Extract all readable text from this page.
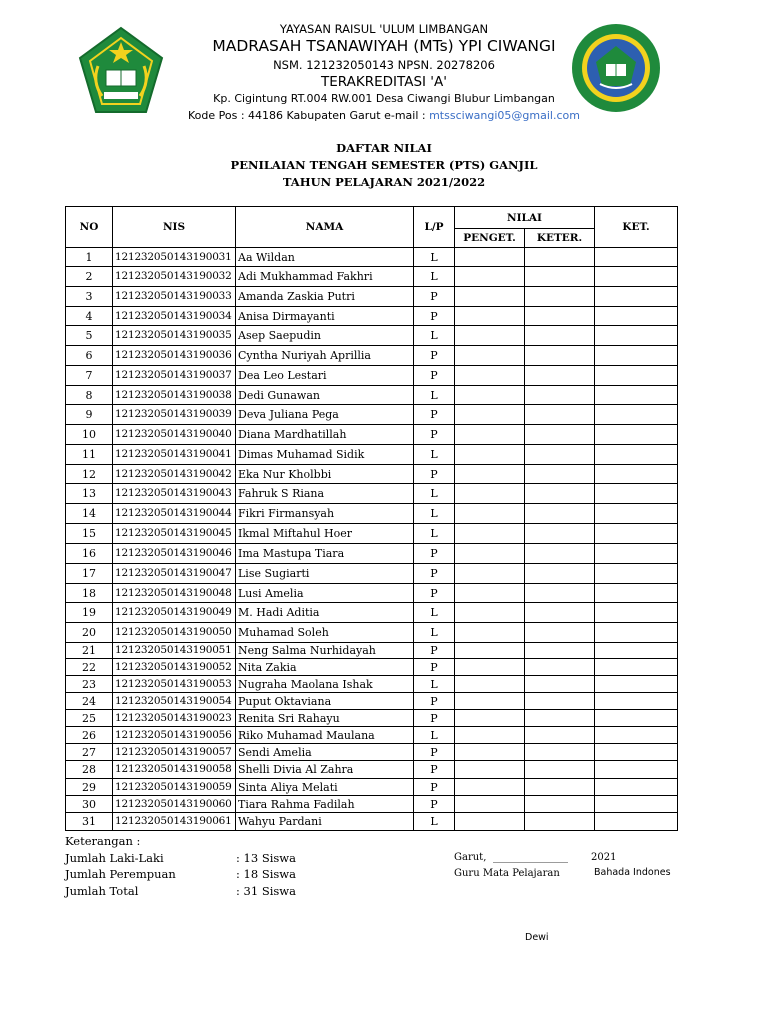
YAYASAN RAISUL 'ULUM LIMBANGAN
MADRASAH TSANAWIYAH (MTs) YPI CIWANGI
NSM. 121232050143 NPSN. 20278206
TERAKREDITASI 'A'
Kp. Cigintung RT.004 RW.001 Desa Ciwangi Blubur Limbangan
Kode Pos : 44186 Kabupaten Garut e-mail : mtssciwangi05@gmail.com
DAFTAR NILAI
PENILAIAN TENGAH SEMESTER (PTS) GANJIL
TAHUN PELAJARAN 2021/2022
NO	NIS	NAMA	L/P	NILAI		KET.
				PENGET.	KETER.	
1	121232050143190031	Aa Wildan	L			
2	121232050143190032	Adi Mukhammad Fakhri	L			
3	121232050143190033	Amanda Zaskia Putri	P			
4	121232050143190034	Anisa Dirmayanti	P			
5	121232050143190035	Asep Saepudin	L			
6	121232050143190036	Cyntha Nuriyah Aprillia	P			
7	121232050143190037	Dea Leo Lestari	P			
8	121232050143190038	Dedi Gunawan	L			
9	121232050143190039	Deva Juliana Pega	P			
10	121232050143190040	Diana Mardhatillah	P			
11	121232050143190041	Dimas Muhamad Sidik	L			
12	121232050143190042	Eka Nur Kholbbi	P			
13	121232050143190043	Fahruk S Riana	L			
14	121232050143190044	Fikri Firmansyah	L			
15	121232050143190045	Ikmal Miftahul Hoer	L			
16	121232050143190046	Ima Mastupa Tiara	P			
17	121232050143190047	Lise Sugiarti	P			
18	121232050143190048	Lusi Amelia	P			
19	121232050143190049	M. Hadi Aditia	L			
20	121232050143190050	Muhamad Soleh	L			
21	121232050143190051	Neng Salma Nurhidayah	P			
22	121232050143190052	Nita Zakia	P			
23	121232050143190053	Nugraha Maolana Ishak	L			
24	121232050143190054	Puput Oktaviana	P			
25	121232050143190023	Renita Sri Rahayu	P			
26	121232050143190056	Riko Muhamad Maulana	L			
27	121232050143190057	Sendi Amelia	P			
28	121232050143190058	Shelli Divia Al Zahra	P			
29	121232050143190059	Sinta Aliya Melati	P			
30	121232050143190060	Tiara Rahma Fadilah	P			
31	121232050143190061	Wahyu Pardani	L			
Keterangan :
Jumlah Laki-Laki	: 13 Siswa
Jumlah Perempuan	: 18 Siswa
Jumlah Total	: 31 Siswa
Garut, _______________ 2021
Guru Mata Pelajaran	Bahada Indones
Dewi
